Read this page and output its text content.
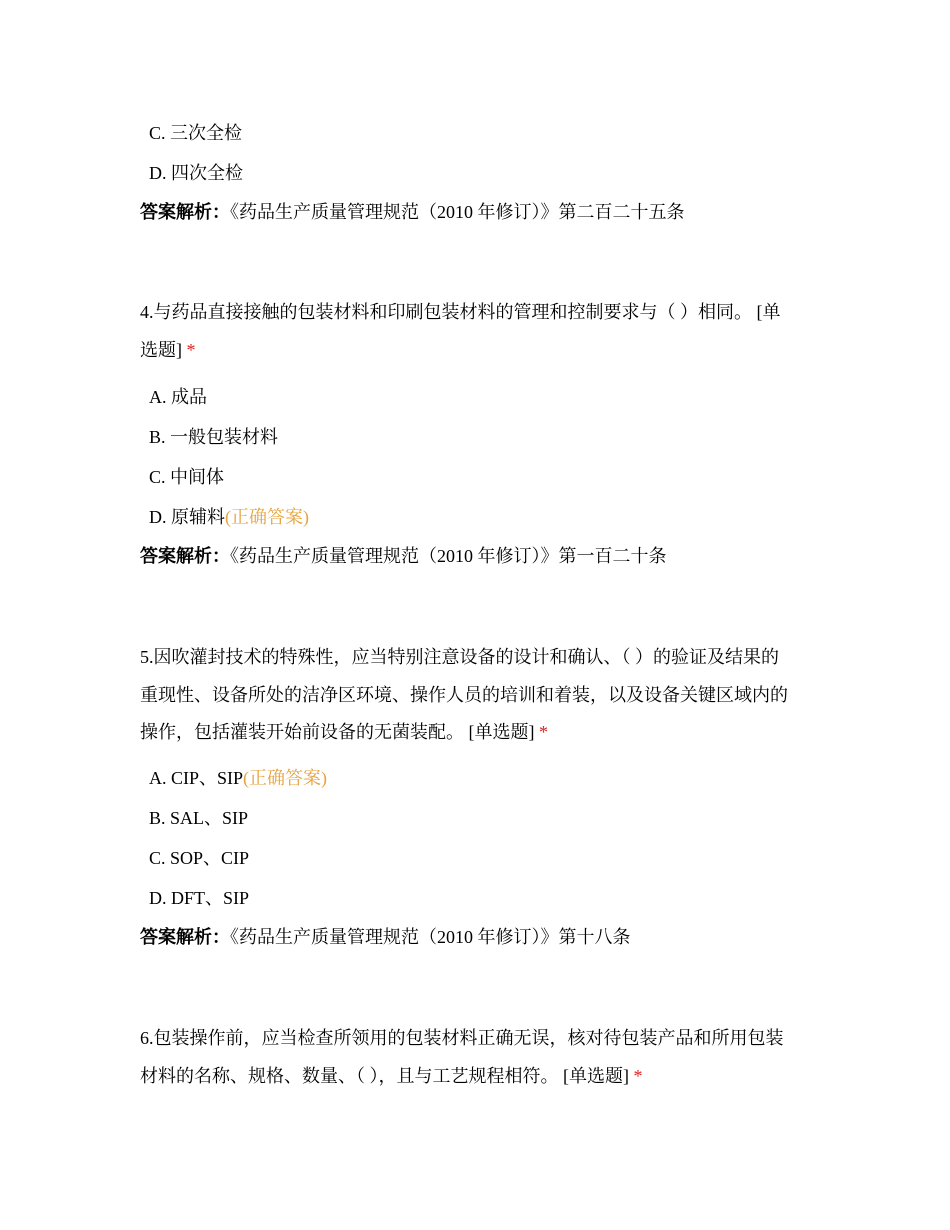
C. 三次全检
D. 四次全检
答案解析：《药品生产质量管理规范（2010 年修订）》第二百二十五条
4.与药品直接接触的包装材料和印刷包装材料的管理和控制要求与（ ）相同。 [单
选题] *
A. 成品
B. 一般包装材料
C. 中间体
D. 原辅料(正确答案)
答案解析：《药品生产质量管理规范（2010 年修订）》第一百二十条
5.因吹灌封技术的特殊性，应当特别注意设备的设计和确认、（ ）的验证及结果的
重现性、设备所处的洁净区环境、操作人员的培训和着装，以及设备关键区域内的
操作，包括灌装开始前设备的无菌装配。 [单选题] *
A. CIP、SIP(正确答案)
B. SAL、SIP
C. SOP、CIP
D. DFT、SIP
答案解析：《药品生产质量管理规范（2010 年修订）》第十八条
6.包装操作前，应当检查所领用的包装材料正确无误，核对待包装产品和所用包装
材料的名称、规格、数量、（ ），且与工艺规程相符。 [单选题] *
